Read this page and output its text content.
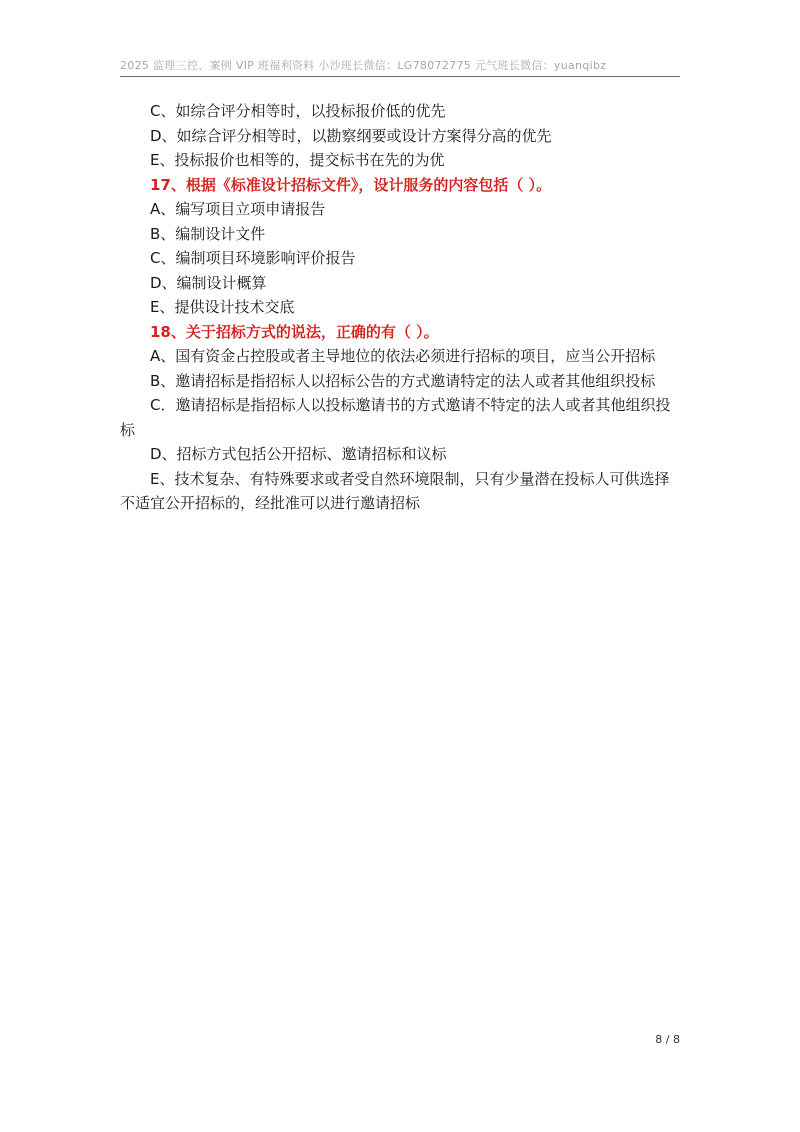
2025 监理三控、案例 VIP 班福利资料 小沙班长微信：LG78072775 元气班长微信：yuanqibz

C、如综合评分相等时，以投标报价低的优先

D、如综合评分相等时，以勘察纲要或设计方案得分高的优先

E、投标报价也相等的，提交标书在先的为优

17、根据《标准设计招标文件》，设计服务的内容包括（ ）。

A、编写项目立项申请报告

B、编制设计文件

C、编制项目环境影响评价报告

D、编制设计概算

E、提供设计技术交底

18、关于招标方式的说法，正确的有（ ）。

A、国有资金占控股或者主导地位的依法必须进行招标的项目，应当公开招标

B、邀请招标是指招标人以招标公告的方式邀请特定的法人或者其他组织投标

C．邀请招标是指招标人以投标邀请书的方式邀请不特定的法人或者其他组织投标

D、招标方式包括公开招标、邀请招标和议标

E、技术复杂、有特殊要求或者受自然环境限制，只有少量潜在投标人可供选择不适宜公开招标的，经批准可以进行邀请招标

8 / 8
